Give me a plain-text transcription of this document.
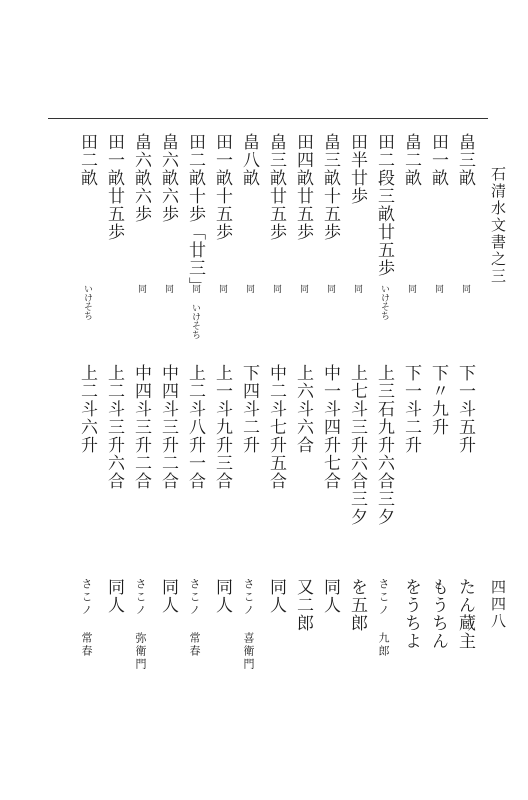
石清水文書之三
四四八
畠三畝
同
下一斗五升
たん蔵主
田一畝
同
下〃九升
もうちん
畠二畝
同
下一斗二升
をうちよ
田二段三畝廿五歩
いけそち
上三石九升六合三夕
さこノ 九郎
田半廿歩
同
上七斗三升六合三夕
を五郎
畠三畝十五歩
同
中一斗四升七合
同人
田四畝廿五歩
同
上六斗六合
又二郎
畠三畝廿五歩
同
中二斗七升五合
同人
畠八畝
同
下四斗二升
さこノ 喜衛門
田一畝十五歩
同
上一斗九升三合
同人
田二畝十歩「廿三」
同 いけそち
上二斗八升一合
さこノ 常春
畠六畝六歩
同
中四斗三升二合
同人
畠六畝六歩
同
中四斗三升二合
さこノ 弥衛門
田一畝廿五歩
上二斗三升六合
同人
田二畝
いけそち
上二斗六升
さこノ 常春
